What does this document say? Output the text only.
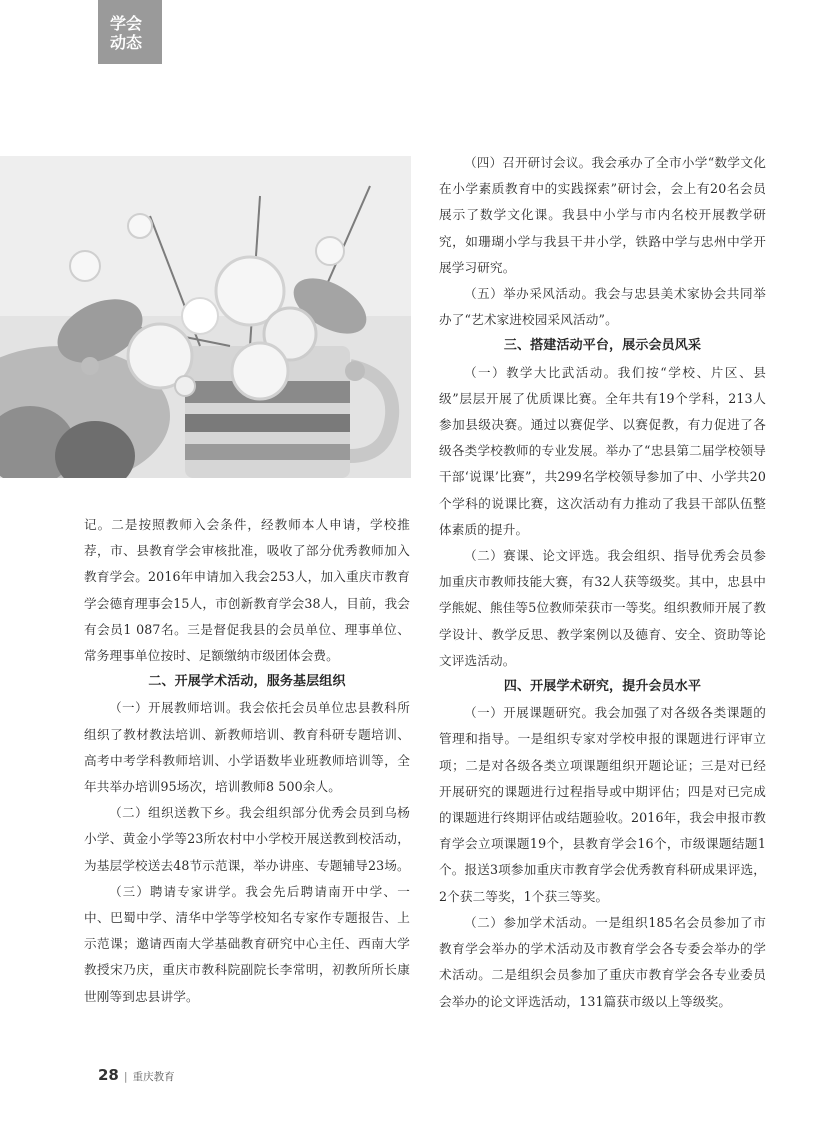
学会
动态

记。二是按照教师入会条件，经教师本人申请，学校推荐，市、县教育学会审核批准，吸收了部分优秀教师加入教育学会。2016年申请加入我会253人，加入重庆市教育学会德育理事会15人，市创新教育学会38人，目前，我会有会员1 087名。三是督促我县的会员单位、理事单位、常务理事单位按时、足额缴纳市级团体会费。

二、开展学术活动，服务基层组织

（一）开展教师培训。我会依托会员单位忠县教科所组织了教材教法培训、新教师培训、教育科研专题培训、高考中考学科教师培训、小学语数毕业班教师培训等，全年共举办培训95场次，培训教师8 500余人。

（二）组织送教下乡。我会组织部分优秀会员到乌杨小学、黄金小学等23所农村中小学校开展送教到校活动，为基层学校送去48节示范课，举办讲座、专题辅导23场。

（三）聘请专家讲学。我会先后聘请南开中学、一中、巴蜀中学、清华中学等学校知名专家作专题报告、上示范课；邀请西南大学基础教育研究中心主任、西南大学教授宋乃庆，重庆市教科院副院长李常明，初教所所长康世刚等到忠县讲学。

（四）召开研讨会议。我会承办了全市小学“数学文化在小学素质教育中的实践探索”研讨会，会上有20名会员展示了数学文化课。我县中小学与市内名校开展教学研究，如珊瑚小学与我县干井小学，铁路中学与忠州中学开展学习研究。

（五）举办采风活动。我会与忠县美术家协会共同举办了“艺术家进校园采风活动”。

三、搭建活动平台，展示会员风采

（一）教学大比武活动。我们按“学校、片区、县级”层层开展了优质课比赛。全年共有19个学科，213人参加县级决赛。通过以赛促学、以赛促教，有力促进了各级各类学校教师的专业发展。举办了“忠县第二届学校领导干部‘说课’比赛”，共299名学校领导参加了中、小学共20个学科的说课比赛，这次活动有力推动了我县干部队伍整体素质的提升。

（二）赛课、论文评选。我会组织、指导优秀会员参加重庆市教师技能大赛，有32人获等级奖。其中，忠县中学熊妮、熊佳等5位教师荣获市一等奖。组织教师开展了教学设计、教学反思、教学案例以及德育、安全、资助等论文评选活动。

四、开展学术研究，提升会员水平

（一）开展课题研究。我会加强了对各级各类课题的管理和指导。一是组织专家对学校申报的课题进行评审立项；二是对各级各类立项课题组织开题论证；三是对已经开展研究的课题进行过程指导或中期评估；四是对已完成的课题进行终期评估或结题验收。2016年，我会申报市教育学会立项课题19个，县教育学会16个，市级课题结题1个。报送3项参加重庆市教育学会优秀教育科研成果评选，2个获二等奖，1个获三等奖。

（二）参加学术活动。一是组织185名会员参加了市教育学会举办的学术活动及市教育学会各专委会举办的学术活动。二是组织会员参加了重庆市教育学会各专业委员会举办的论文评选活动，131篇获市级以上等级奖。

28 | 重庆教育
